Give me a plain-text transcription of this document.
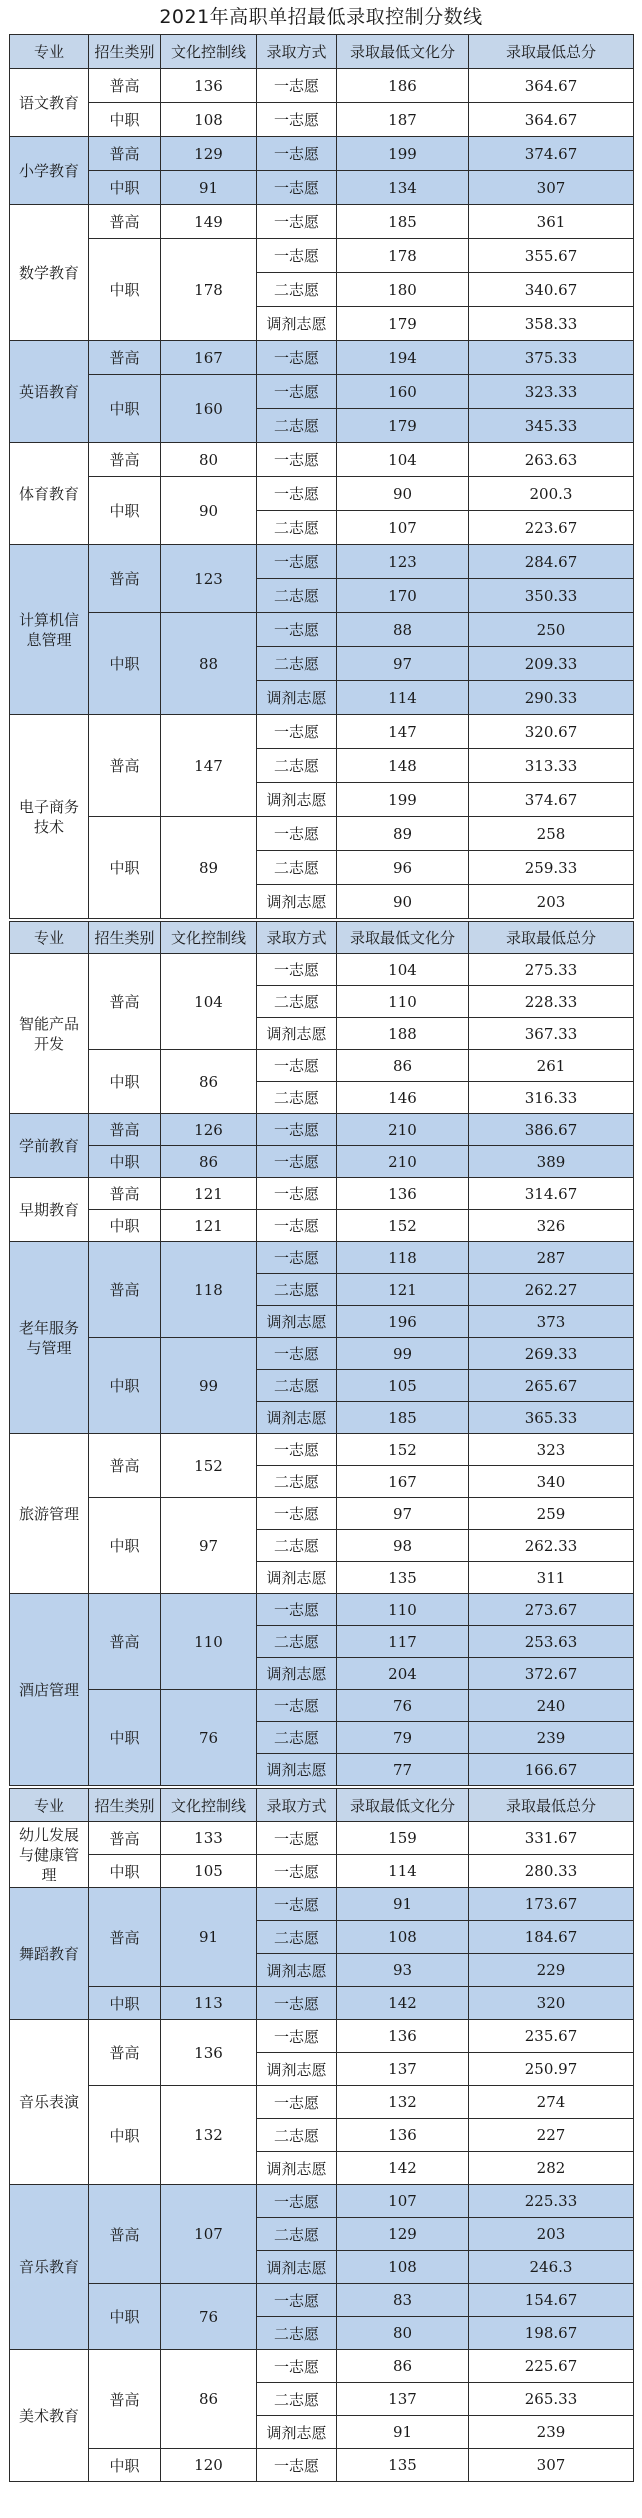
2021年高职单招最低录取控制分数线
专业	招生类别	文化控制线	录取方式	录取最低文化分	录取最低总分
语文教育	普高	136	一志愿	186	364.67
	中职	108	一志愿	187	364.67
小学教育	普高	129	一志愿	199	374.67
	中职	91	一志愿	134	307
数学教育	普高	149	一志愿	185	361
	中职	178	一志愿	178	355.67
			二志愿	180	340.67
			调剂志愿	179	358.33
英语教育	普高	167	一志愿	194	375.33
	中职	160	一志愿	160	323.33
			二志愿	179	345.33
体育教育	普高	80	一志愿	104	263.63
	中职	90	一志愿	90	200.3
			二志愿	107	223.67
计算机信息管理	普高	123	一志愿	123	284.67
			二志愿	170	350.33
	中职	88	一志愿	88	250
			二志愿	97	209.33
			调剂志愿	114	290.33
电子商务技术	普高	147	一志愿	147	320.67
			二志愿	148	313.33
			调剂志愿	199	374.67
	中职	89	一志愿	89	258
			二志愿	96	259.33
			调剂志愿	90	203
专业	招生类别	文化控制线	录取方式	录取最低文化分	录取最低总分
智能产品开发	普高	104	一志愿	104	275.33
			二志愿	110	228.33
			调剂志愿	188	367.33
	中职	86	一志愿	86	261
			二志愿	146	316.33
学前教育	普高	126	一志愿	210	386.67
	中职	86	一志愿	210	389
早期教育	普高	121	一志愿	136	314.67
	中职	121	一志愿	152	326
老年服务与管理	普高	118	一志愿	118	287
			二志愿	121	262.27
			调剂志愿	196	373
	中职	99	一志愿	99	269.33
			二志愿	105	265.67
			调剂志愿	185	365.33
旅游管理	普高	152	一志愿	152	323
			二志愿	167	340
	中职	97	一志愿	97	259
			二志愿	98	262.33
			调剂志愿	135	311
酒店管理	普高	110	一志愿	110	273.67
			二志愿	117	253.63
			调剂志愿	204	372.67
	中职	76	一志愿	76	240
			二志愿	79	239
			调剂志愿	77	166.67
专业	招生类别	文化控制线	录取方式	录取最低文化分	录取最低总分
幼儿发展与健康管理	普高	133	一志愿	159	331.67
	中职	105	一志愿	114	280.33
舞蹈教育	普高	91	一志愿	91	173.67
			二志愿	108	184.67
			调剂志愿	93	229
	中职	113	一志愿	142	320
音乐表演	普高	136	一志愿	136	235.67
			调剂志愿	137	250.97
	中职	132	一志愿	132	274
			二志愿	136	227
			调剂志愿	142	282
音乐教育	普高	107	一志愿	107	225.33
			二志愿	129	203
			调剂志愿	108	246.3
	中职	76	一志愿	83	154.67
			二志愿	80	198.67
美术教育	普高	86	一志愿	86	225.67
			二志愿	137	265.33
			调剂志愿	91	239
	中职	120	一志愿	135	307
